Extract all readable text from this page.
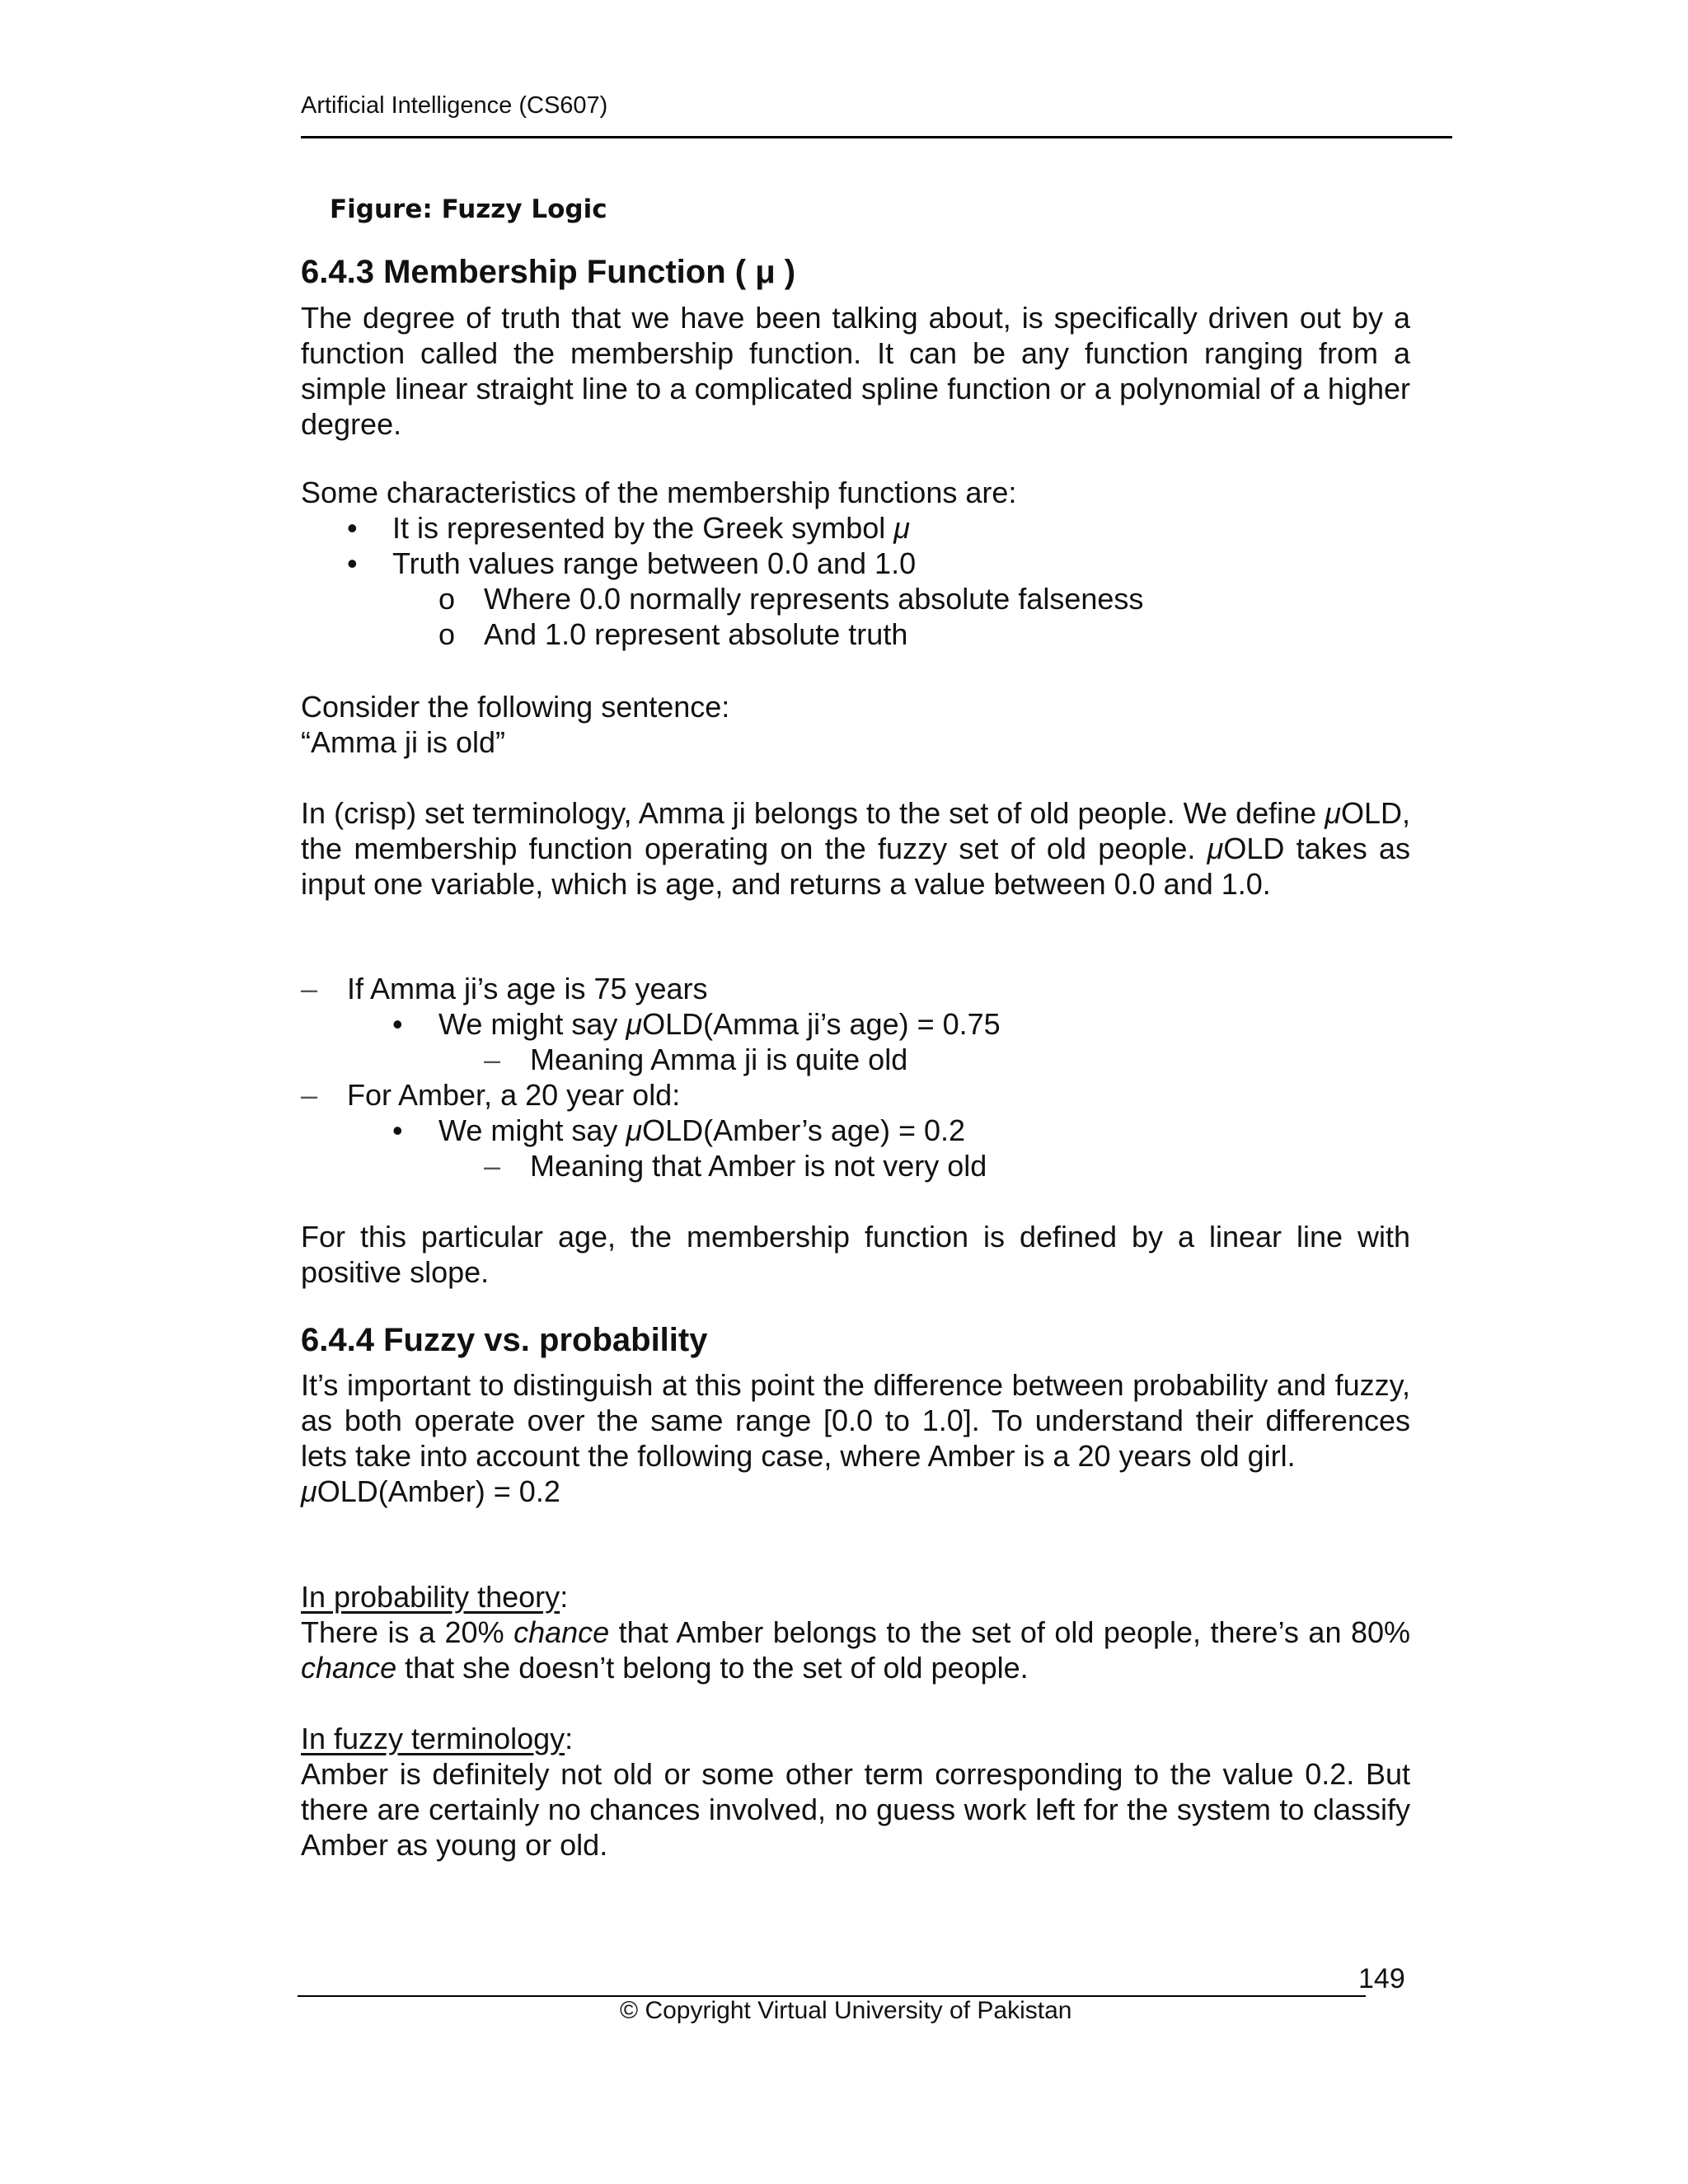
Artificial Intelligence (CS607)
Figure: Fuzzy Logic
6.4.3 Membership Function ( μ )
The degree of truth that we have been talking about, is specifically driven out by a function called the membership function. It can be any function ranging from a simple linear straight line to a complicated spline function or a polynomial of a higher degree.
Some characteristics of the membership functions are:
• It is represented by the Greek symbol μ
• Truth values range between 0.0 and 1.0
o Where 0.0 normally represents absolute falseness
o And 1.0 represent absolute truth
Consider the following sentence:
“Amma ji is old”
In (crisp) set terminology, Amma ji belongs to the set of old people. We define μOLD, the membership function operating on the fuzzy set of old people. μOLD takes as input one variable, which is age, and returns a value between 0.0 and 1.0.
– If Amma ji’s age is 75 years
• We might say μOLD(Amma ji’s age) = 0.75
– Meaning Amma ji is quite old
– For Amber, a 20 year old:
• We might say μOLD(Amber’s age) = 0.2
– Meaning that Amber is not very old
For this particular age, the membership function is defined by a linear line with positive slope.
6.4.4 Fuzzy vs. probability
It’s important to distinguish at this point the difference between probability and fuzzy, as both operate over the same range [0.0 to 1.0]. To understand their differences lets take into account the following case, where Amber is a 20 years old girl.
μOLD(Amber) = 0.2
In probability theory:
There is a 20% chance that Amber belongs to the set of old people, there’s an 80% chance that she doesn’t belong to the set of old people.
In fuzzy terminology:
Amber is definitely not old or some other term corresponding to the value 0.2. But there are certainly no chances involved, no guess work left for the system to classify Amber as young or old.
149
© Copyright Virtual University of Pakistan
